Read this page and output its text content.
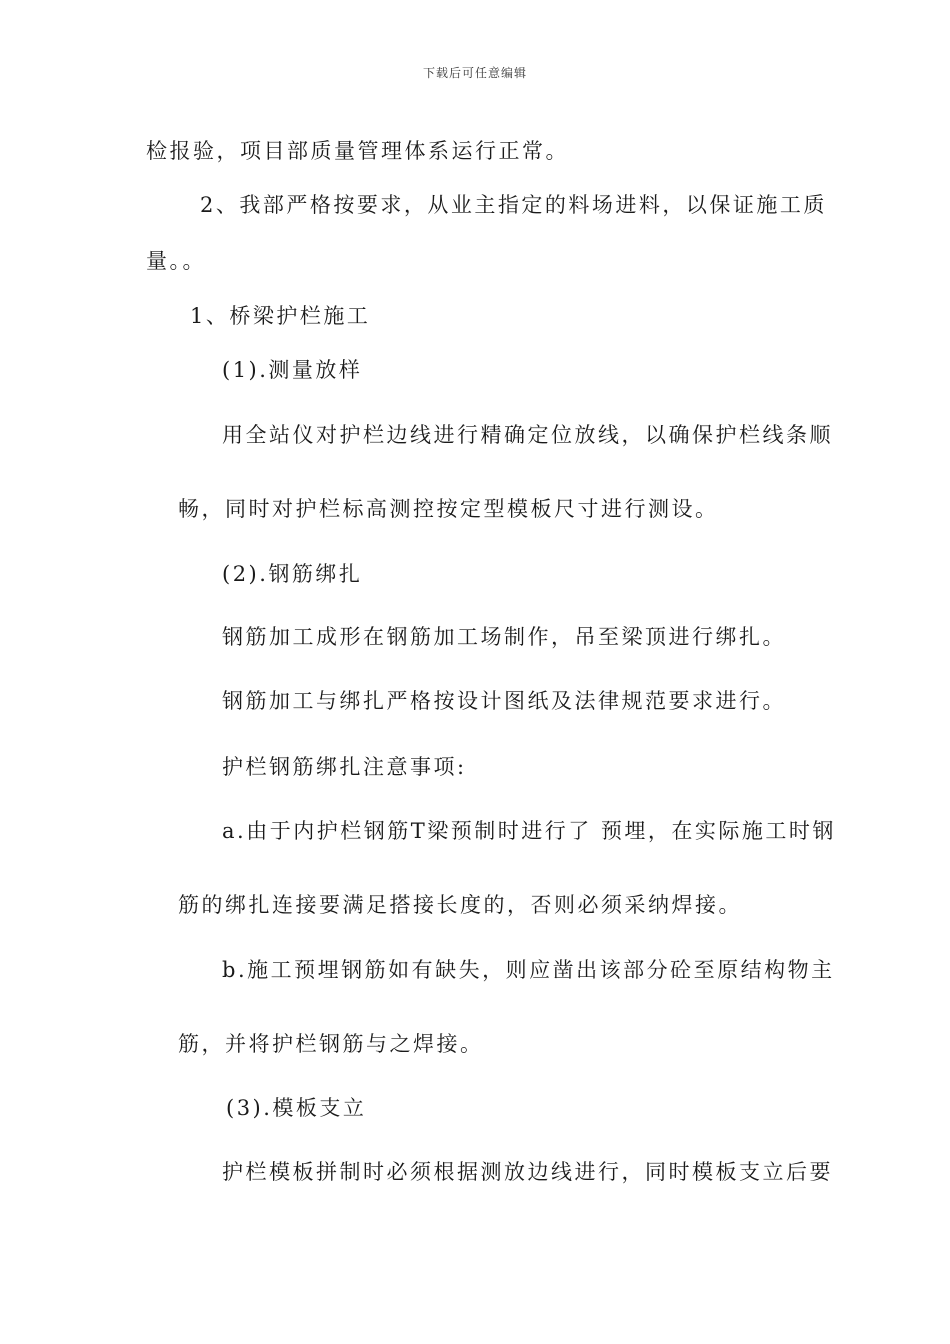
下载后可任意编辑
检报验，项目部质量管理体系运行正常。
2、我部严格按要求，从业主指定的料场进料，以保证施工质
量。。
1、桥梁护栏施工
(1).测量放样
用全站仪对护栏边线进行精确定位放线，以确保护栏线条顺
畅，同时对护栏标高测控按定型模板尺寸进行测设。
(2).钢筋绑扎
钢筋加工成形在钢筋加工场制作，吊至梁顶进行绑扎。
钢筋加工与绑扎严格按设计图纸及法律规范要求进行。
护栏钢筋绑扎注意事项:
a.由于内护栏钢筋T梁预制时进行了 预埋，在实际施工时钢
筋的绑扎连接要满足搭接长度的，否则必须采纳焊接。
b.施工预埋钢筋如有缺失，则应凿出该部分砼至原结构物主
筋，并将护栏钢筋与之焊接。
(3).模板支立
护栏模板拼制时必须根据测放边线进行，同时模板支立后要
